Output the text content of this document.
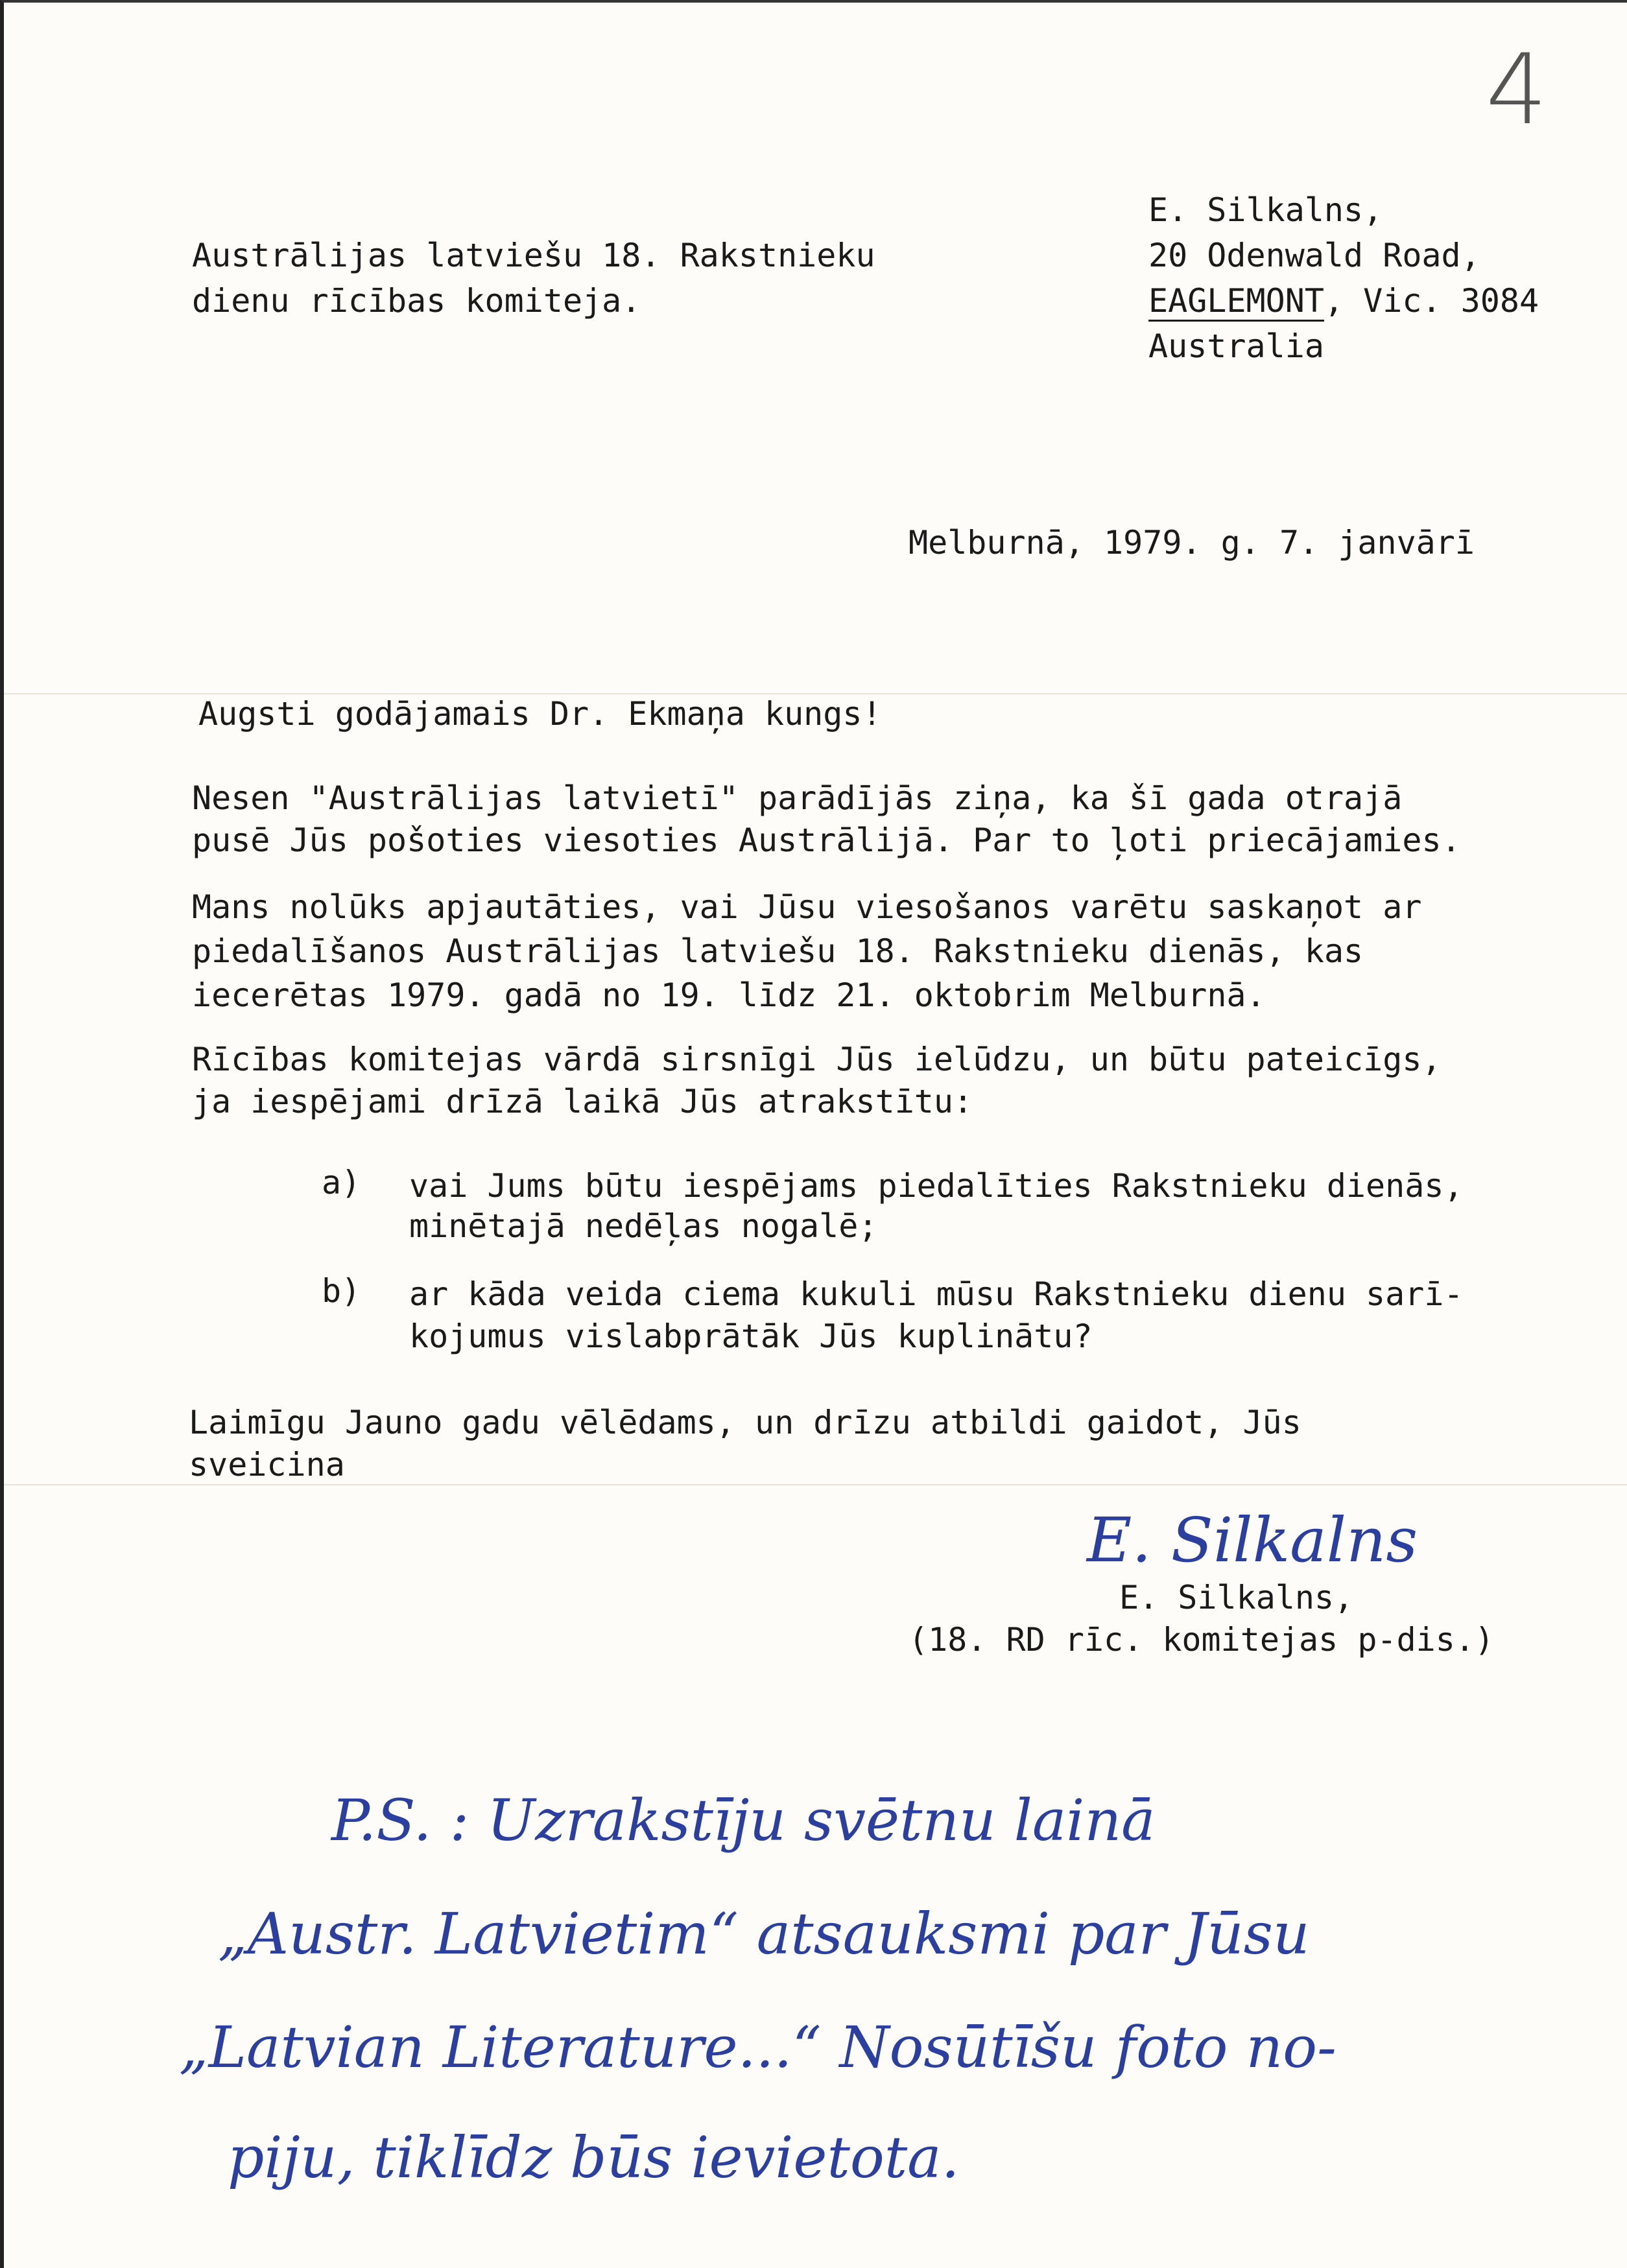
4
Austrālijas latviešu 18. Rakstnieku
dienu rīcības komiteja.
E. Silkalns,
20 Odenwald Road,
EAGLEMONT, Vic. 3084
Australia
Melburnā, 1979. g. 7. janvārī
Augsti godājamais Dr. Ekmaņa kungs!
Nesen "Austrālijas latvietī" parādījās ziņa, ka šī gada otrajā
pusē Jūs pošoties viesoties Austrālijā. Par to ļoti priecājamies.
Mans nolūks apjautāties, vai Jūsu viesošanos varētu saskaņot ar
piedalīšanos Austrālijas latviešu 18. Rakstnieku dienās, kas
iecerētas 1979. gadā no 19. līdz 21. oktobrim Melburnā.
Rīcības komitejas vārdā sirsnīgi Jūs ielūdzu, un būtu pateicīgs,
ja iespējami drīzā laikā Jūs atrakstītu:
a) vai Jums būtu iespējams piedalīties Rakstnieku dienās,
minētajā nedēļas nogalē;
b) ar kāda veida ciema kukuli mūsu Rakstnieku dienu sarī-
kojumus vislabprātāk Jūs kuplinātu?
Laimīgu Jauno gadu vēlēdams, un drīzu atbildi gaidot, Jūs
sveicina
E. Silkalns
E. Silkalns,
(18. RD rīc. komitejas p-dis.)
P.S. : Uzrakstīju svētnu lainā
„Austr. Latvietim“ atsauksmi par Jūsu
„Latvian Literature...“ Nosūtīšu foto no-
piju, tiklīdz būs ievietota.
